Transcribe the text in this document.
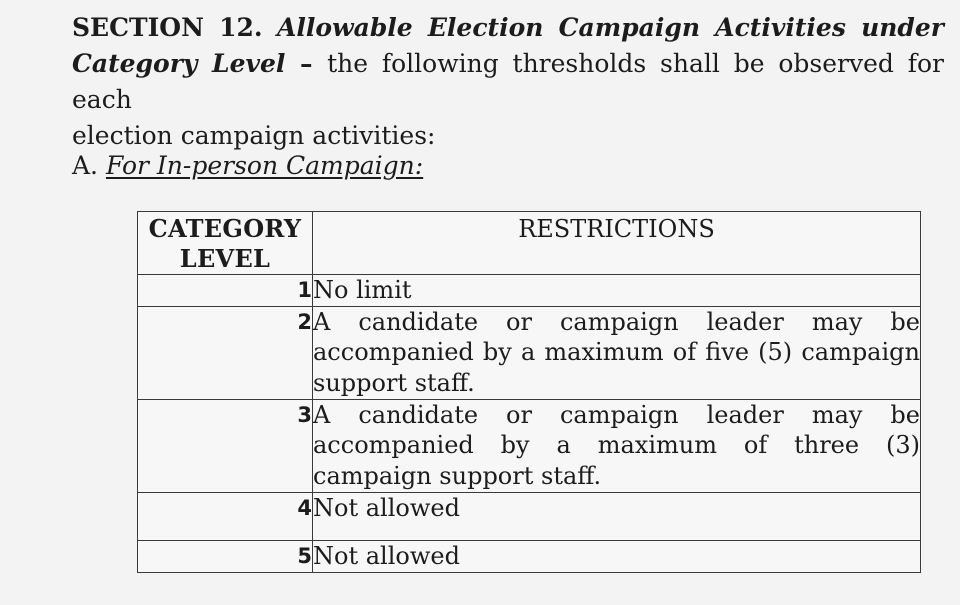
SECTION 12. Allowable Election Campaign Activities under
Category Level – the following thresholds shall be observed for each
election campaign activities:

A. For In-person Campaign:

CATEGORY
LEVEL	RESTRICTIONS

1	No limit
2	A candidate or campaign leader may be accompanied by a maximum of five (5) campaign support staff.
3	A candidate or campaign leader may be accompanied by a maximum of three (3) campaign support staff.
4	Not allowed
5	Not allowed
